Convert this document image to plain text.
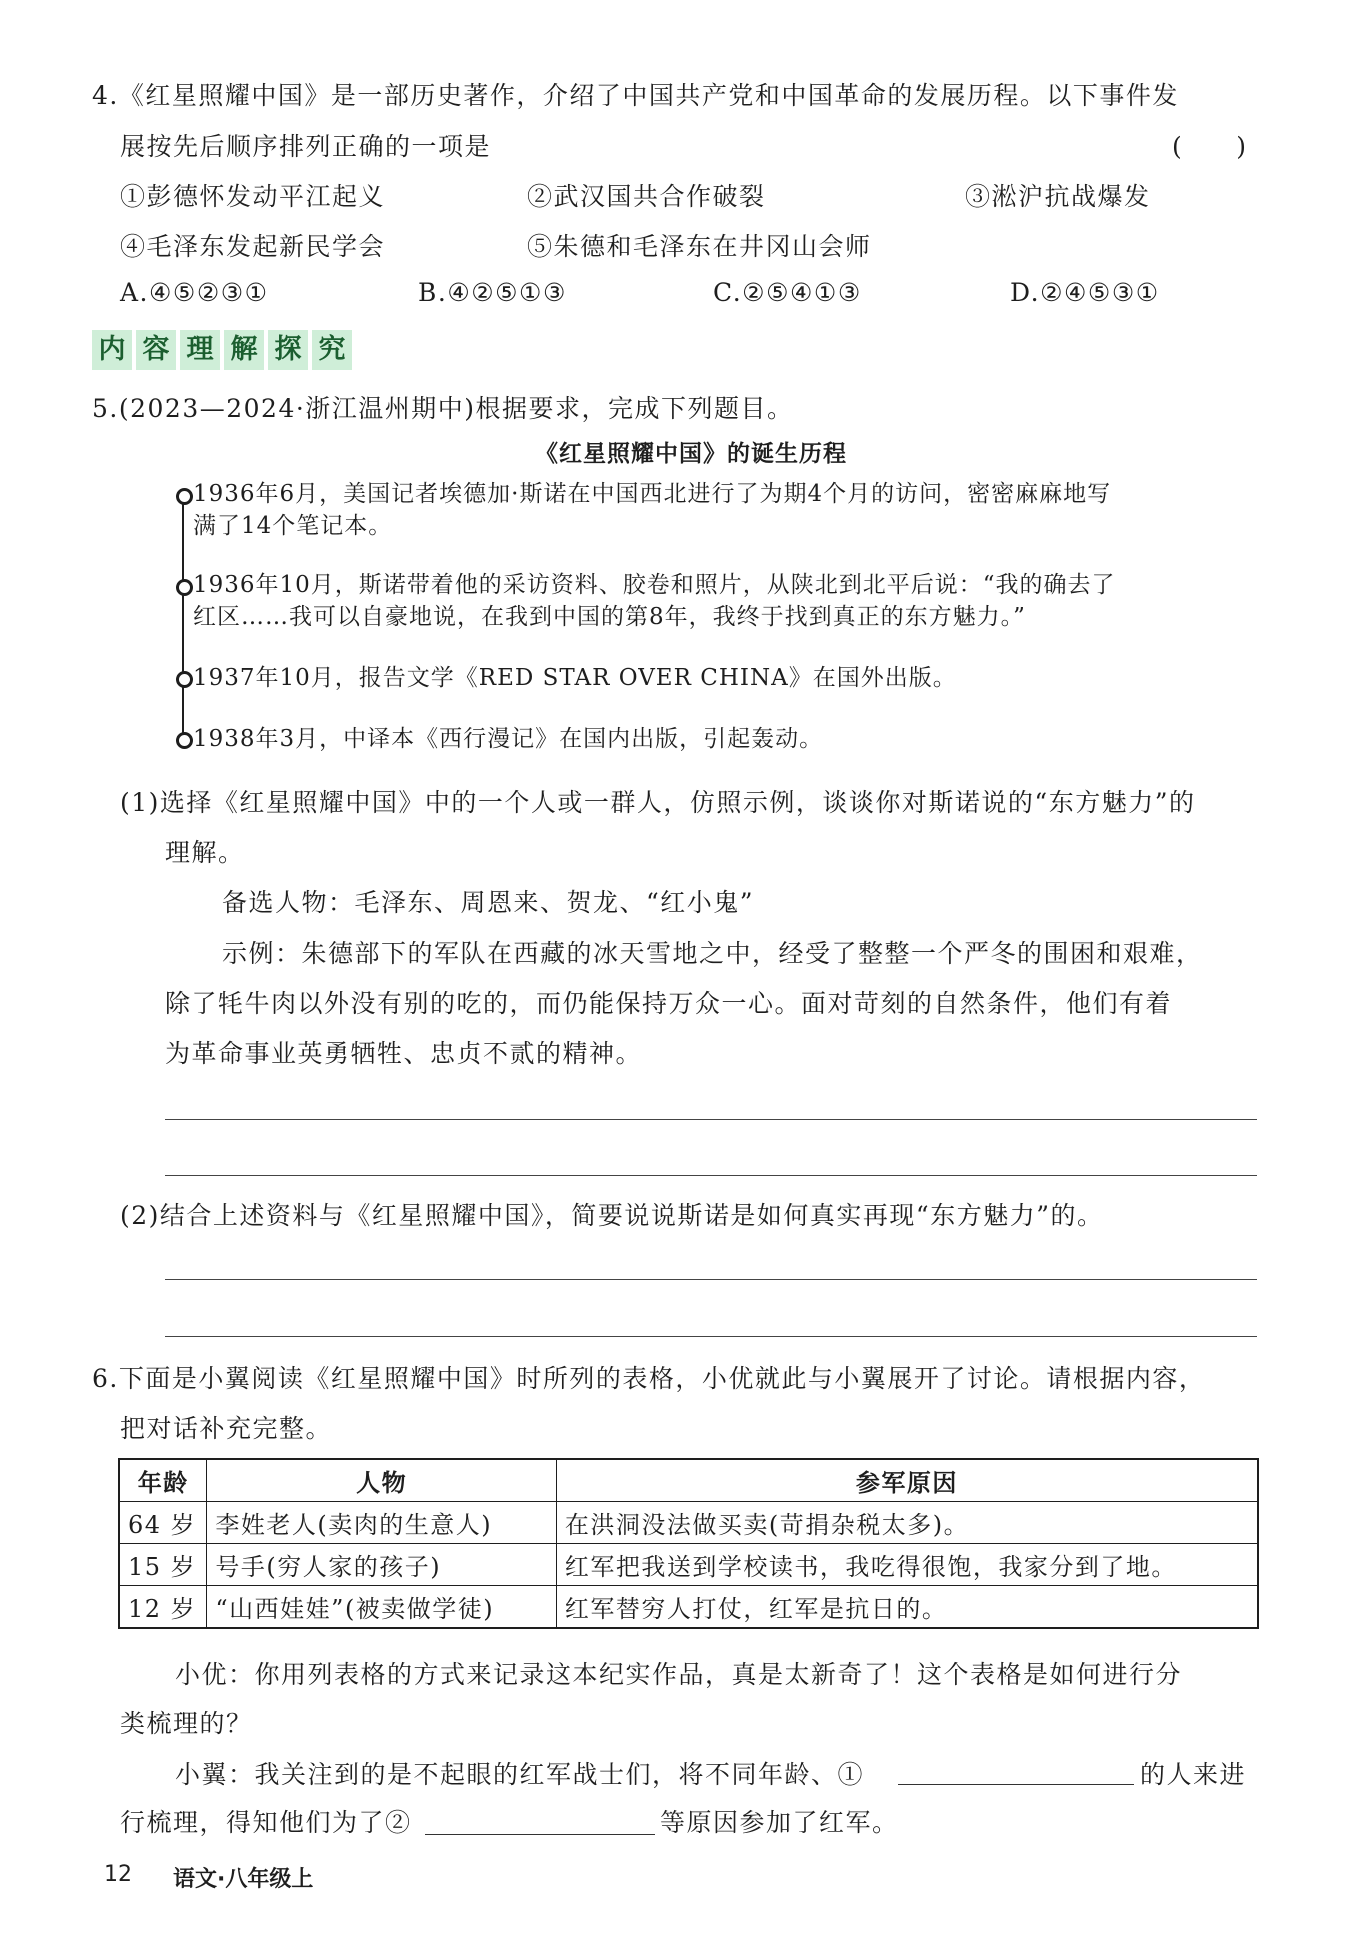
4.《红星照耀中国》是一部历史著作，介绍了中国共产党和中国革命的发展历程。以下事件发
展按先后顺序排列正确的一项是	(　　)
①彭德怀发动平江起义	②武汉国共合作破裂	③淞沪抗战爆发
④毛泽东发起新民学会	⑤朱德和毛泽东在井冈山会师
A.④⑤②③①	B.④②⑤①③	C.②⑤④①③	D.②④⑤③①
内 容 理 解 探 究
5.(2023—2024·浙江温州期中)根据要求，完成下列题目。
《红星照耀中国》的诞生历程
1936年6月，美国记者埃德加·斯诺在中国西北进行了为期4个月的访问，密密麻麻地写
满了14个笔记本。
1936年10月，斯诺带着他的采访资料、胶卷和照片，从陕北到北平后说：“我的确去了
红区……我可以自豪地说，在我到中国的第8年，我终于找到真正的东方魅力。”
1937年10月，报告文学《RED STAR OVER CHINA》在国外出版。
1938年3月，中译本《西行漫记》在国内出版，引起轰动。
(1)选择《红星照耀中国》中的一个人或一群人，仿照示例，谈谈你对斯诺说的“东方魅力”的
理解。
备选人物：毛泽东、周恩来、贺龙、“红小鬼”
示例：朱德部下的军队在西藏的冰天雪地之中，经受了整整一个严冬的围困和艰难，
除了牦牛肉以外没有别的吃的，而仍能保持万众一心。面对苛刻的自然条件，他们有着
为革命事业英勇牺牲、忠贞不贰的精神。
(2)结合上述资料与《红星照耀中国》，简要说说斯诺是如何真实再现“东方魅力”的。
6.下面是小翼阅读《红星照耀中国》时所列的表格，小优就此与小翼展开了讨论。请根据内容，
把对话补充完整。
年龄	人物	参军原因
64 岁	李姓老人(卖肉的生意人)	在洪洞没法做买卖(苛捐杂税太多)。
15 岁	号手(穷人家的孩子)	红军把我送到学校读书，我吃得很饱，我家分到了地。
12 岁	“山西娃娃”(被卖做学徒)	红军替穷人打仗，红军是抗日的。
小优：你用列表格的方式来记录这本纪实作品，真是太新奇了！这个表格是如何进行分
类梳理的？
小翼：我关注到的是不起眼的红军战士们，将不同年龄、①	的人来进
行梳理，得知他们为了②	等原因参加了红军。
12 语文·八年级上
